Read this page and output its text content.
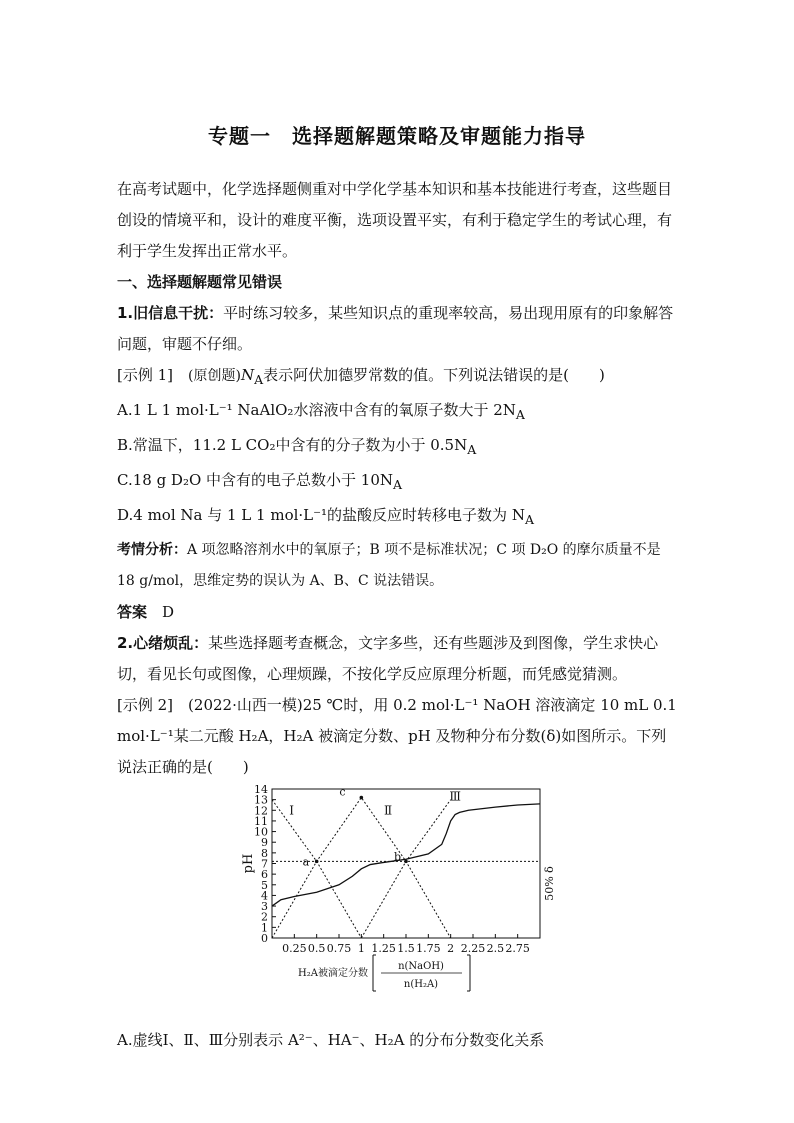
专题一　选择题解题策略及审题能力指导

在高考试题中，化学选择题侧重对中学化学基本知识和基本技能进行考查，这些题目创设的情境平和，设计的难度平衡，选项设置平实，有利于稳定学生的考试心理，有利于学生发挥出正常水平。

一、选择题解题常见错误

1.旧信息干扰：平时练习较多，某些知识点的重现率较高，易出现用原有的印象解答问题，审题不仔细。

[示例 1]　 (原创题)$N_A$表示阿伏加德罗常数的值。下列说法错误的是(　　)

A.1 L 1 mol·L⁻¹ NaAlO₂水溶液中含有的氧原子数大于 $2N_A$

B.常温下，11.2 L CO₂中含有的分子数为小于 $0.5N_A$

C.18 g D₂O 中含有的电子总数小于 $10N_A$

D.4 mol Na 与 1 L 1 mol·L⁻¹的盐酸反应时转移电子数为 $N_A$

考情分析：A 项忽略溶剂水中的氧原子；B 项不是标准状况；C 项 D₂O 的摩尔质量不是 18 g/mol，思维定势的误认为 A、B、C 说法错误。

答案　 D

2.心绪烦乱：某些选择题考查概念，文字多些，还有些题涉及到图像，学生求快心切，看见长句或图像，心理烦躁，不按化学反应原理分析题，而凭感觉猜测。

[示例 2]　 (2022·山西一模)25 ℃时，用 0.2 mol·L⁻¹ NaOH 溶液滴定 10 mL 0.1 mol·L⁻¹某二元酸 H₂A，H₂A 被滴定分数、pH 及物种分布分数(δ)如图所示。下列说法正确的是(　　)

0
1
2
3
4
5
6
7
8
9
10
11
12
13
14
0.25 0.5 0.75 1 1.25 1.5 1.75 2 2.25 2.5 2.75
pH
50% δ
a	b
c
Ⅰ	Ⅱ
Ⅲ
H₂A被滴定分数
n(NaOH)
n(H₂A)

A.虚线Ⅰ、Ⅱ、Ⅲ分别表示 A²⁻、HA⁻、H₂A 的分布分数变化关系
